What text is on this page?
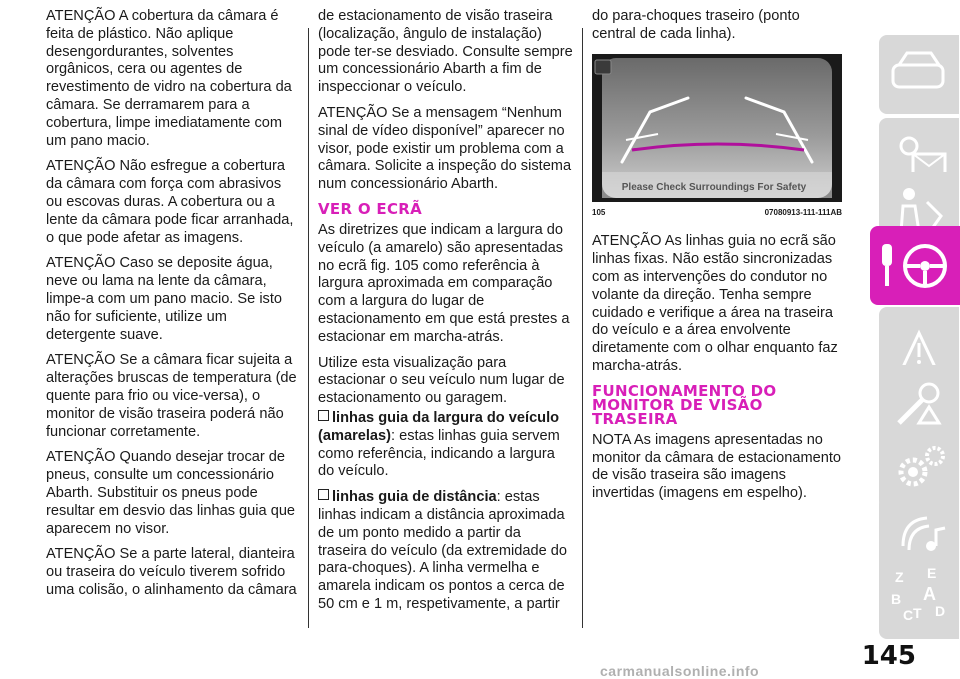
ATENÇÃO A cobertura da câmara é feita de plástico. Não aplique desengordurantes, solventes orgânicos, cera ou agentes de revestimento de vidro na cobertura da câmara. Se derramarem para a cobertura, limpe imediatamente com um pano macio.

ATENÇÃO Não esfregue a cobertura da câmara com força com abrasivos ou escovas duras. A cobertura ou a lente da câmara pode ficar arranhada, o que pode afetar as imagens.

ATENÇÃO Caso se deposite água, neve ou lama na lente da câmara, limpe-a com um pano macio. Se isto não for suficiente, utilize um detergente suave.

ATENÇÃO Se a câmara ficar sujeita a alterações bruscas de temperatura (de quente para frio ou vice-versa), o monitor de visão traseira poderá não funcionar corretamente.

ATENÇÃO Quando desejar trocar de pneus, consulte um concessionário Abarth. Substituir os pneus pode resultar em desvio das linhas guia que aparecem no visor.

ATENÇÃO Se a parte lateral, dianteira ou traseira do veículo tiverem sofrido uma colisão, o alinhamento da câmara

de estacionamento de visão traseira (localização, ângulo de instalação) pode ter-se desviado. Consulte sempre um concessionário Abarth a fim de inspeccionar o veículo.

ATENÇÃO Se a mensagem “Nenhum sinal de vídeo disponível” aparecer no visor, pode existir um problema com a câmara. Solicite a inspeção do sistema num concessionário Abarth.

VER O ECRÃ

As diretrizes que indicam a largura do veículo (a amarelo) são apresentadas no ecrã fig. 105 como referência à largura aproximada em comparação com a largura do lugar de estacionamento em que está prestes a estacionar em marcha-atrás.

Utilize esta visualização para estacionar o seu veículo num lugar de estacionamento ou garagem.

linhas guia da largura do veículo (amarelas): estas linhas guia servem como referência, indicando a largura do veículo.

linhas guia de distância: estas linhas indicam a distância aproximada de um ponto medido a partir da traseira do veículo (da extremidade do para-choques). A linha vermelha e amarela indicam os pontos a cerca de 50 cm e 1 m, respetivamente, a partir

do para-choques traseiro (ponto central de cada linha).

Please Check Surroundings For Safety
105	07080913-111-111AB

ATENÇÃO As linhas guia no ecrã são linhas fixas. Não estão sincronizadas com as intervenções do condutor no volante da direção. Tenha sempre cuidado e verifique a área na traseira do veículo e a área envolvente diretamente com o olhar enquanto faz marcha-atrás.

FUNCIONAMENTO DO MONITOR DE VISÃO TRASEIRA

NOTA As imagens apresentadas no monitor da câmara de estacionamento de visão traseira são imagens invertidas (imagens em espelho).

Z E
A
B
C T D
145
carmanualsonline.info
